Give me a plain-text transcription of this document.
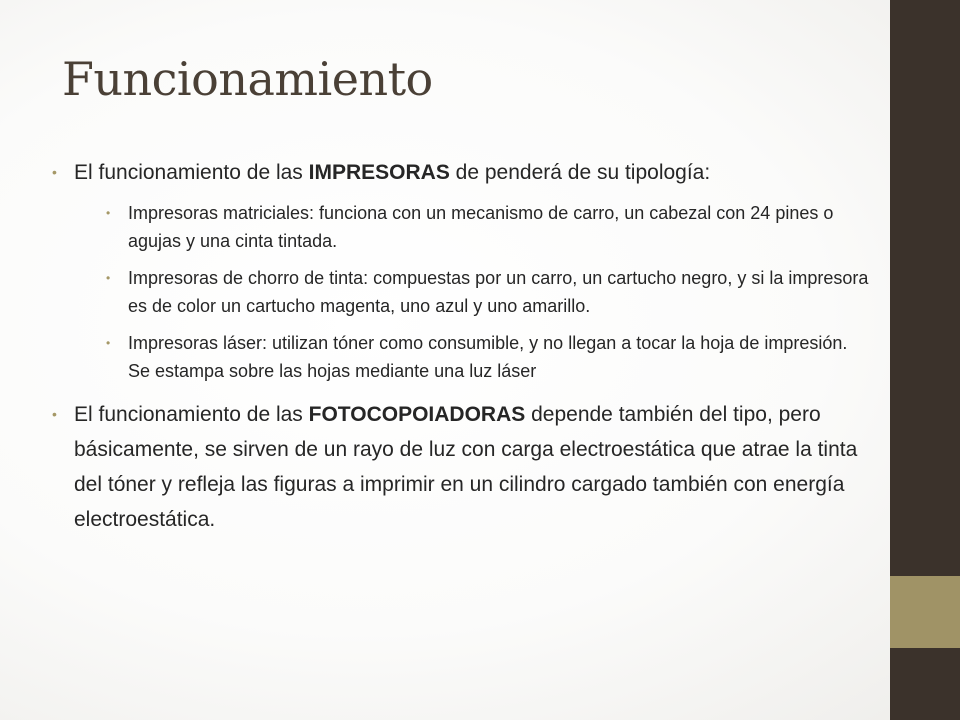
Funcionamiento
• El funcionamiento de las IMPRESORAS de penderá de su tipología:
• Impresoras matriciales: funciona con un mecanismo de carro, un cabezal con 24 pines o agujas y una cinta tintada.
• Impresoras de chorro de tinta: compuestas por un carro, un cartucho negro, y si la impresora es de color un cartucho magenta, uno azul y uno amarillo.
• Impresoras láser: utilizan tóner como consumible, y no llegan a tocar la hoja de impresión. Se estampa sobre las hojas mediante una luz láser
• El funcionamiento de las FOTOCOPOIADORAS depende también del tipo, pero básicamente, se sirven de un rayo de luz con carga electroestática que atrae la tinta del tóner y refleja las figuras a imprimir en un cilindro cargado también con energía electroestática.
